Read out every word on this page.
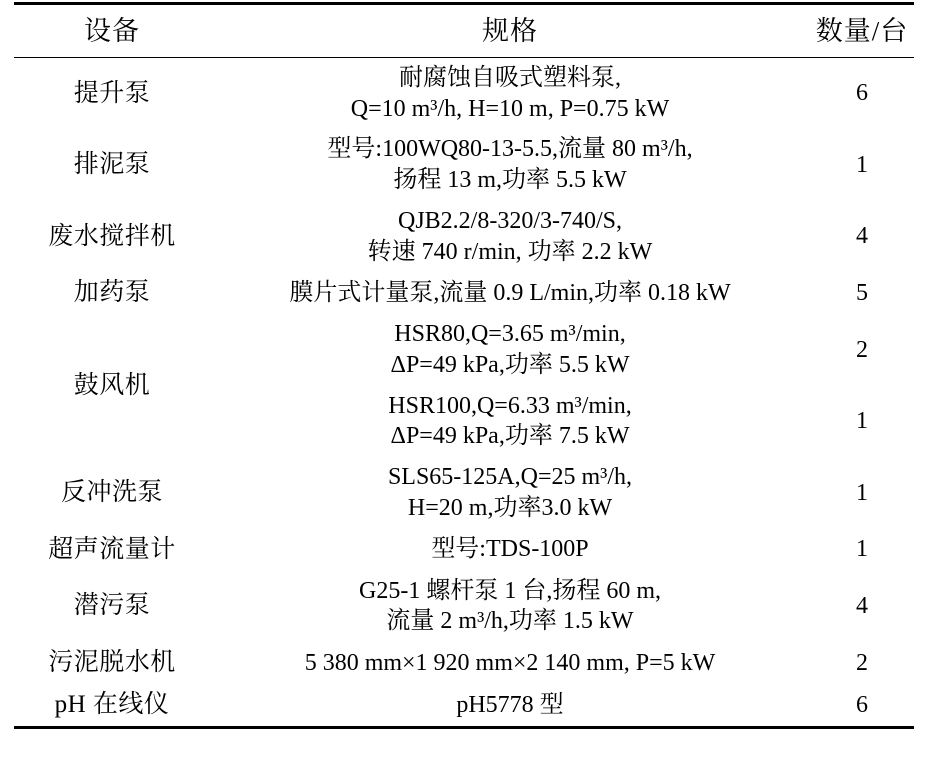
设备	规格	数量/台
提升泵	耐腐蚀自吸式塑料泵,
Q=10 m³/h, H=10 m, P=0.75 kW	6
排泥泵	型号:100WQ80-13-5.5,流量 80 m³/h,
扬程 13 m,功率 5.5 kW	1
废水搅拌机	QJB2.2/8-320/3-740/S,
转速 740 r/min, 功率 2.2 kW	4
加药泵	膜片式计量泵,流量 0.9 L/min,功率 0.18 kW	5
鼓风机	HSR80,Q=3.65 m³/min,
ΔP=49 kPa,功率 5.5 kW	2

	HSR100,Q=6.33 m³/min,
ΔP=49 kPa,功率 7.5 kW	1
反冲洗泵	SLS65-125A,Q=25 m³/h,
H=20 m,功率3.0 kW	1
超声流量计	型号:TDS-100P	1
潜污泵	G25-1 螺杆泵 1 台,扬程 60 m,
流量 2 m³/h,功率 1.5 kW	4
污泥脱水机	5 380 mm×1 920 mm×2 140 mm, P=5 kW	2
pH 在线仪	pH5778 型	6
